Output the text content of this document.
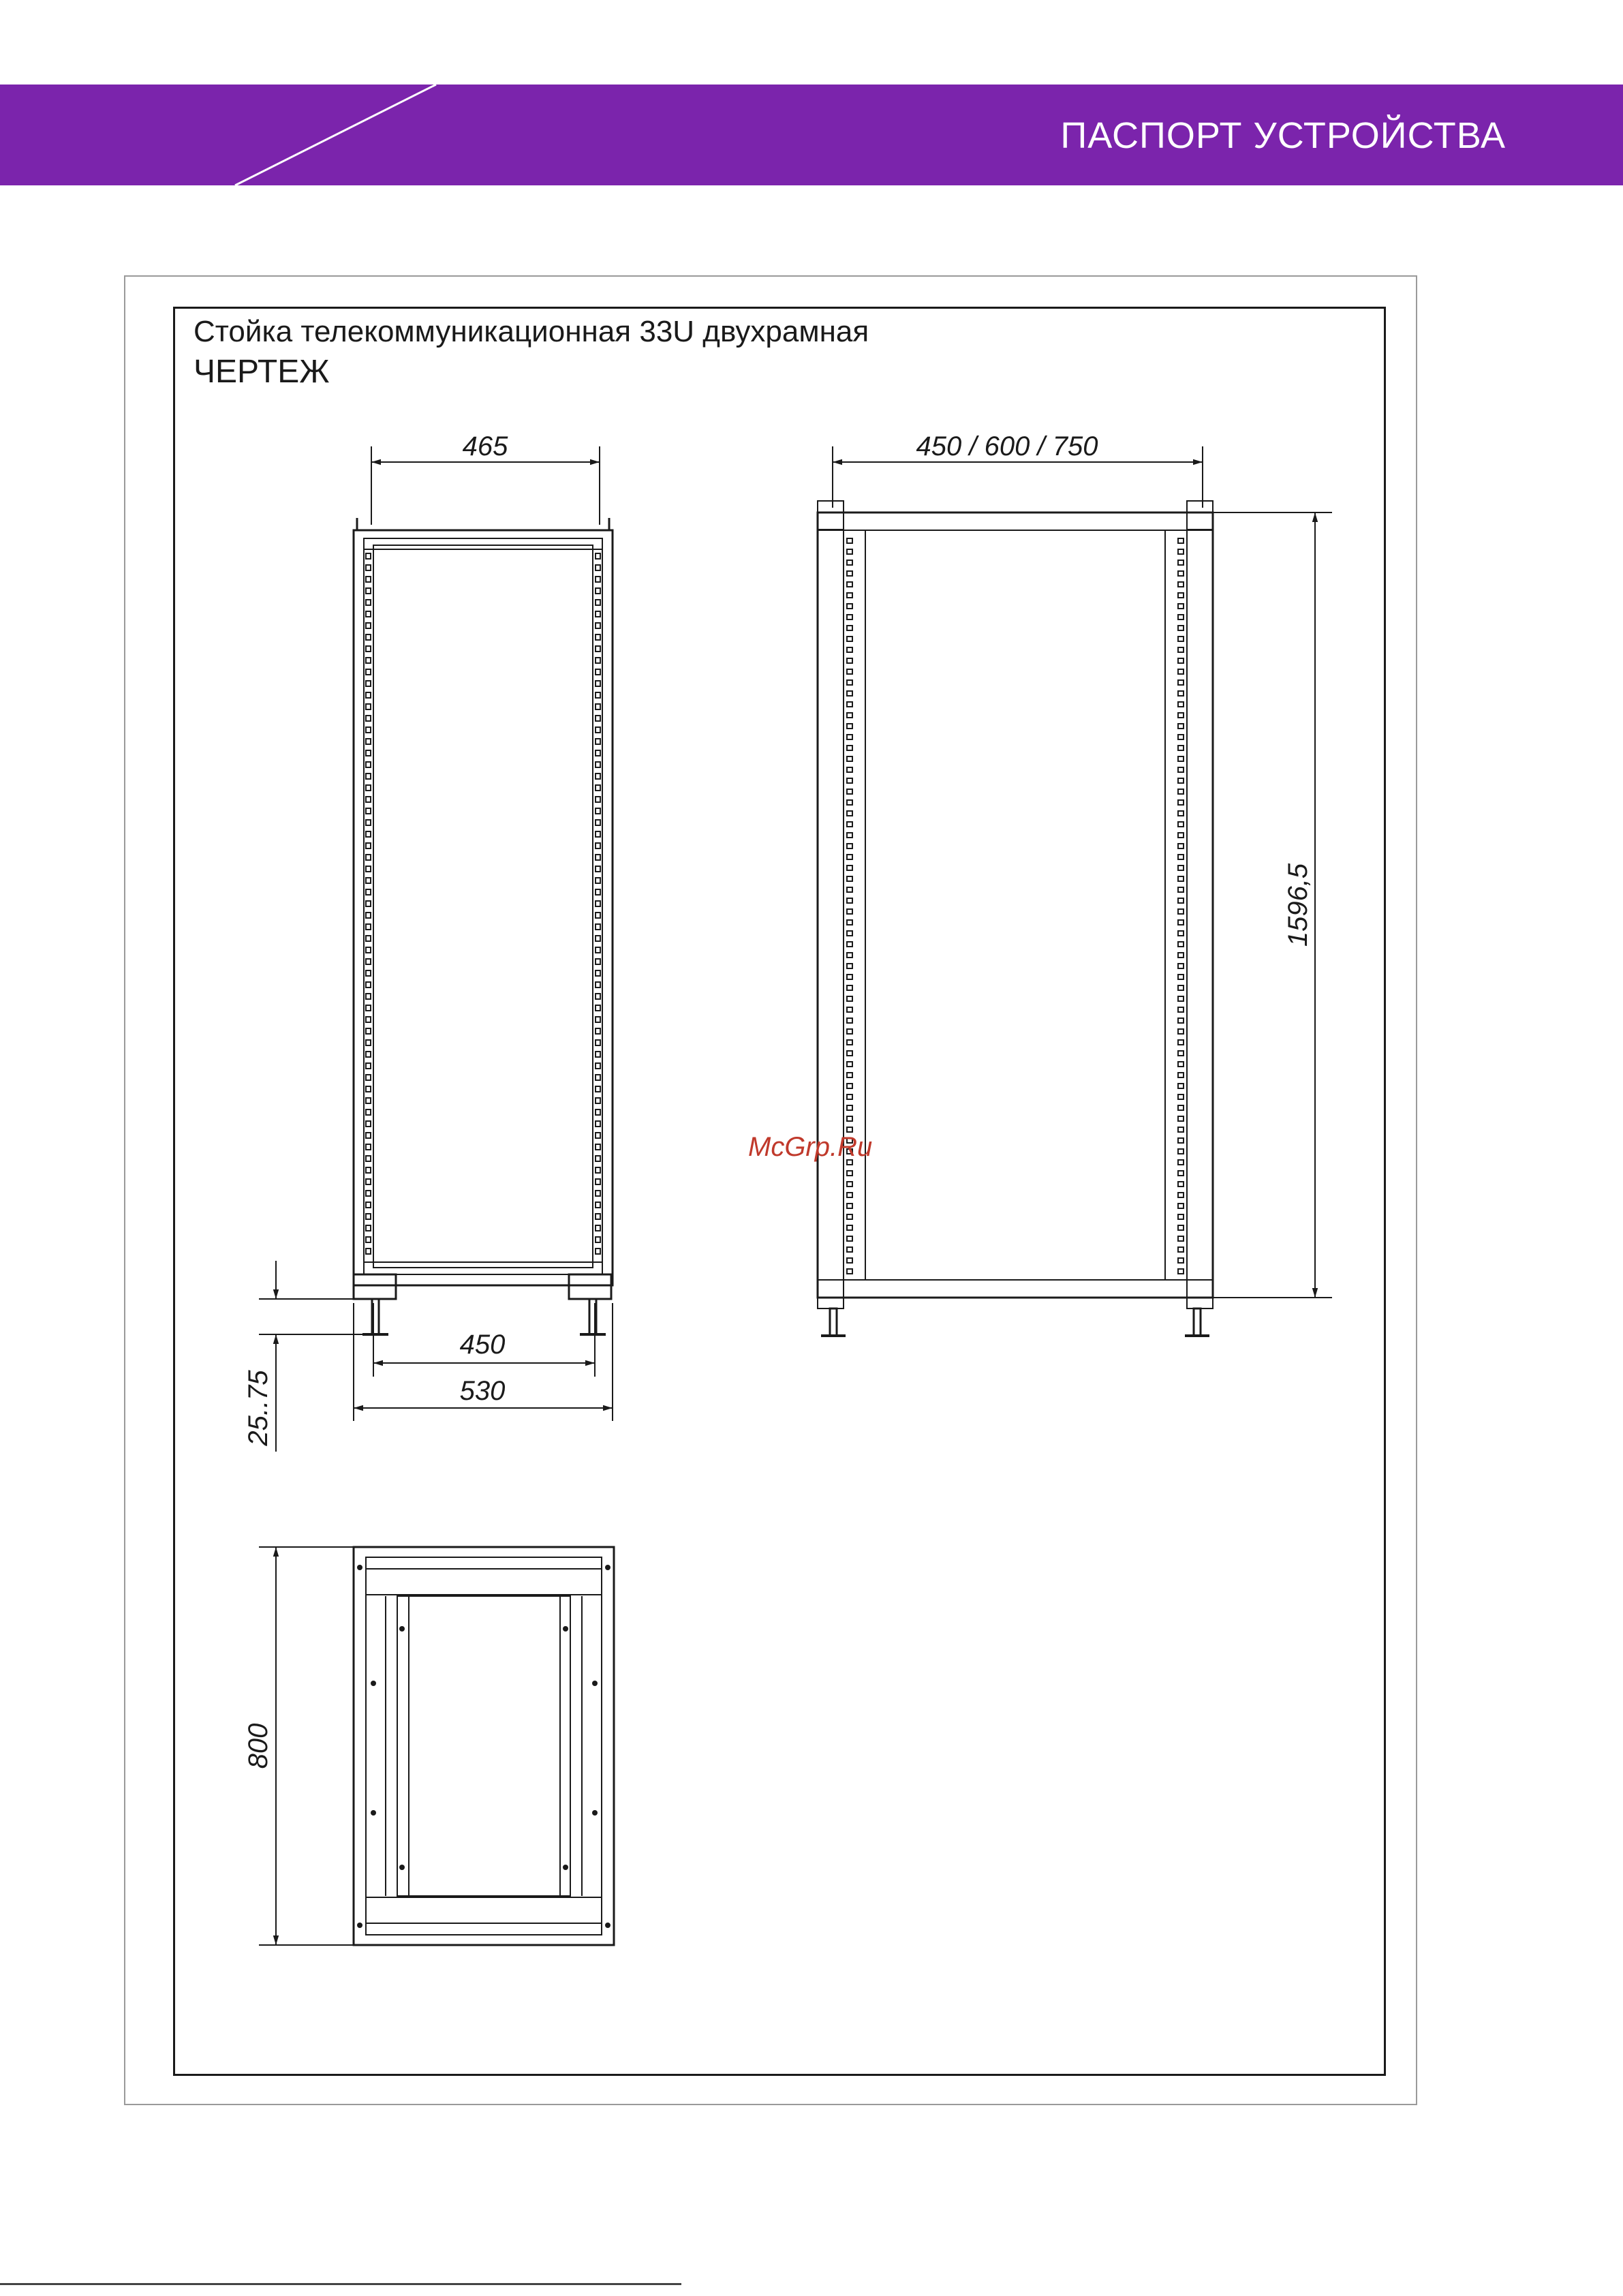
ПАСПОРТ УСТРОЙСТВА
Стойка телекоммуникационная 33U двухрамная
ЧЕРТЕЖ
465
450
530
25..75
450 / 600 / 750
1596,5
800
McGrp.Ru
